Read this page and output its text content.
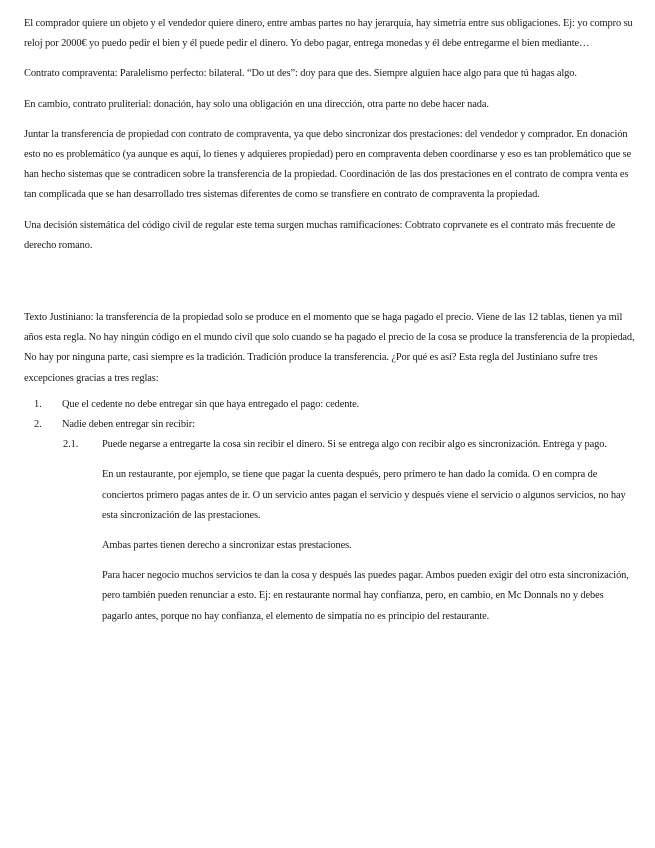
El comprador quiere un objeto y el vendedor quiere dinero, entre ambas partes no hay jerarquía, hay simetría entre sus obligaciones. Ej: yo compro su reloj por 2000€ yo puedo pedir el bien y él puede pedir el dinero. Yo debo pagar, entrega monedas y él debe entregarme el bien mediante…

Contrato compraventa: Paralelismo perfecto: bilateral. “Do ut des”: doy para que des. Siempre alguien hace algo para que tú hagas algo.

En cambio, contrato pruliterial: donación, hay solo una obligación en una dirección, otra parte no debe hacer nada.

Juntar la transferencia de propiedad con contrato de compraventa, ya que debo sincronizar dos prestaciones: del vendedor y comprador. En donación esto no es problemático (ya aunque es aquí, lo tienes y adquieres propiedad) pero en compraventa deben coordinarse y eso es tan problemático que se han hecho sistemas que se contradicen sobre la transferencia de la propiedad. Coordinación de las dos prestaciones en el contrato de compra venta es tan complicada que se han desarrollado tres sistemas diferentes de como se transfiere en contrato de compraventa la propiedad.

Una decisión sistemática del código civil de regular este tema surgen muchas ramificaciones: Cobtrato coprvanete es el contrato más frecuente de derecho romano.

Texto Justiniano: la transferencia de la propiedad solo se produce en el momento que se haga pagado el precio. Viene de las 12 tablas, tienen ya mil años esta regla. No hay ningún código en el mundo civil que solo cuando se ha pagado el precio de la cosa se produce la transferencia de la propiedad, No hay por ninguna parte, casi siempre es la tradición. Tradición produce la transferencia. ¿Por qué es así? Esta regla del Justiniano sufre tres excepciones gracias a tres reglas:

1. Que el cedente no debe entregar sin que haya entregado el pago: cedente.
2. Nadie deben entregar sin recibir:
2.1. Puede negarse a entregarte la cosa sin recibir el dinero. Si se entrega algo con recibir algo es sincronización. Entrega y pago.

En un restaurante, por ejemplo, se tiene que pagar la cuenta después, pero primero te han dado la comida. O en compra de conciertos primero pagas antes de ir. O un servicio antes pagan el servicio y después viene el servicio o algunos servicios, no hay esta sincronización de las prestaciones.

Ambas partes tienen derecho a sincronizar estas prestaciones.

Para hacer negocio muchos servicios te dan la cosa y después las puedes pagar. Ambos pueden exigir del otro esta sincronización, pero también pueden renunciar a esto. Ej: en restaurante normal hay confianza, pero, en cambio, en Mc Donnals no y debes pagarlo antes, porque no hay confianza, el elemento de simpatía no es principio del restaurante.
